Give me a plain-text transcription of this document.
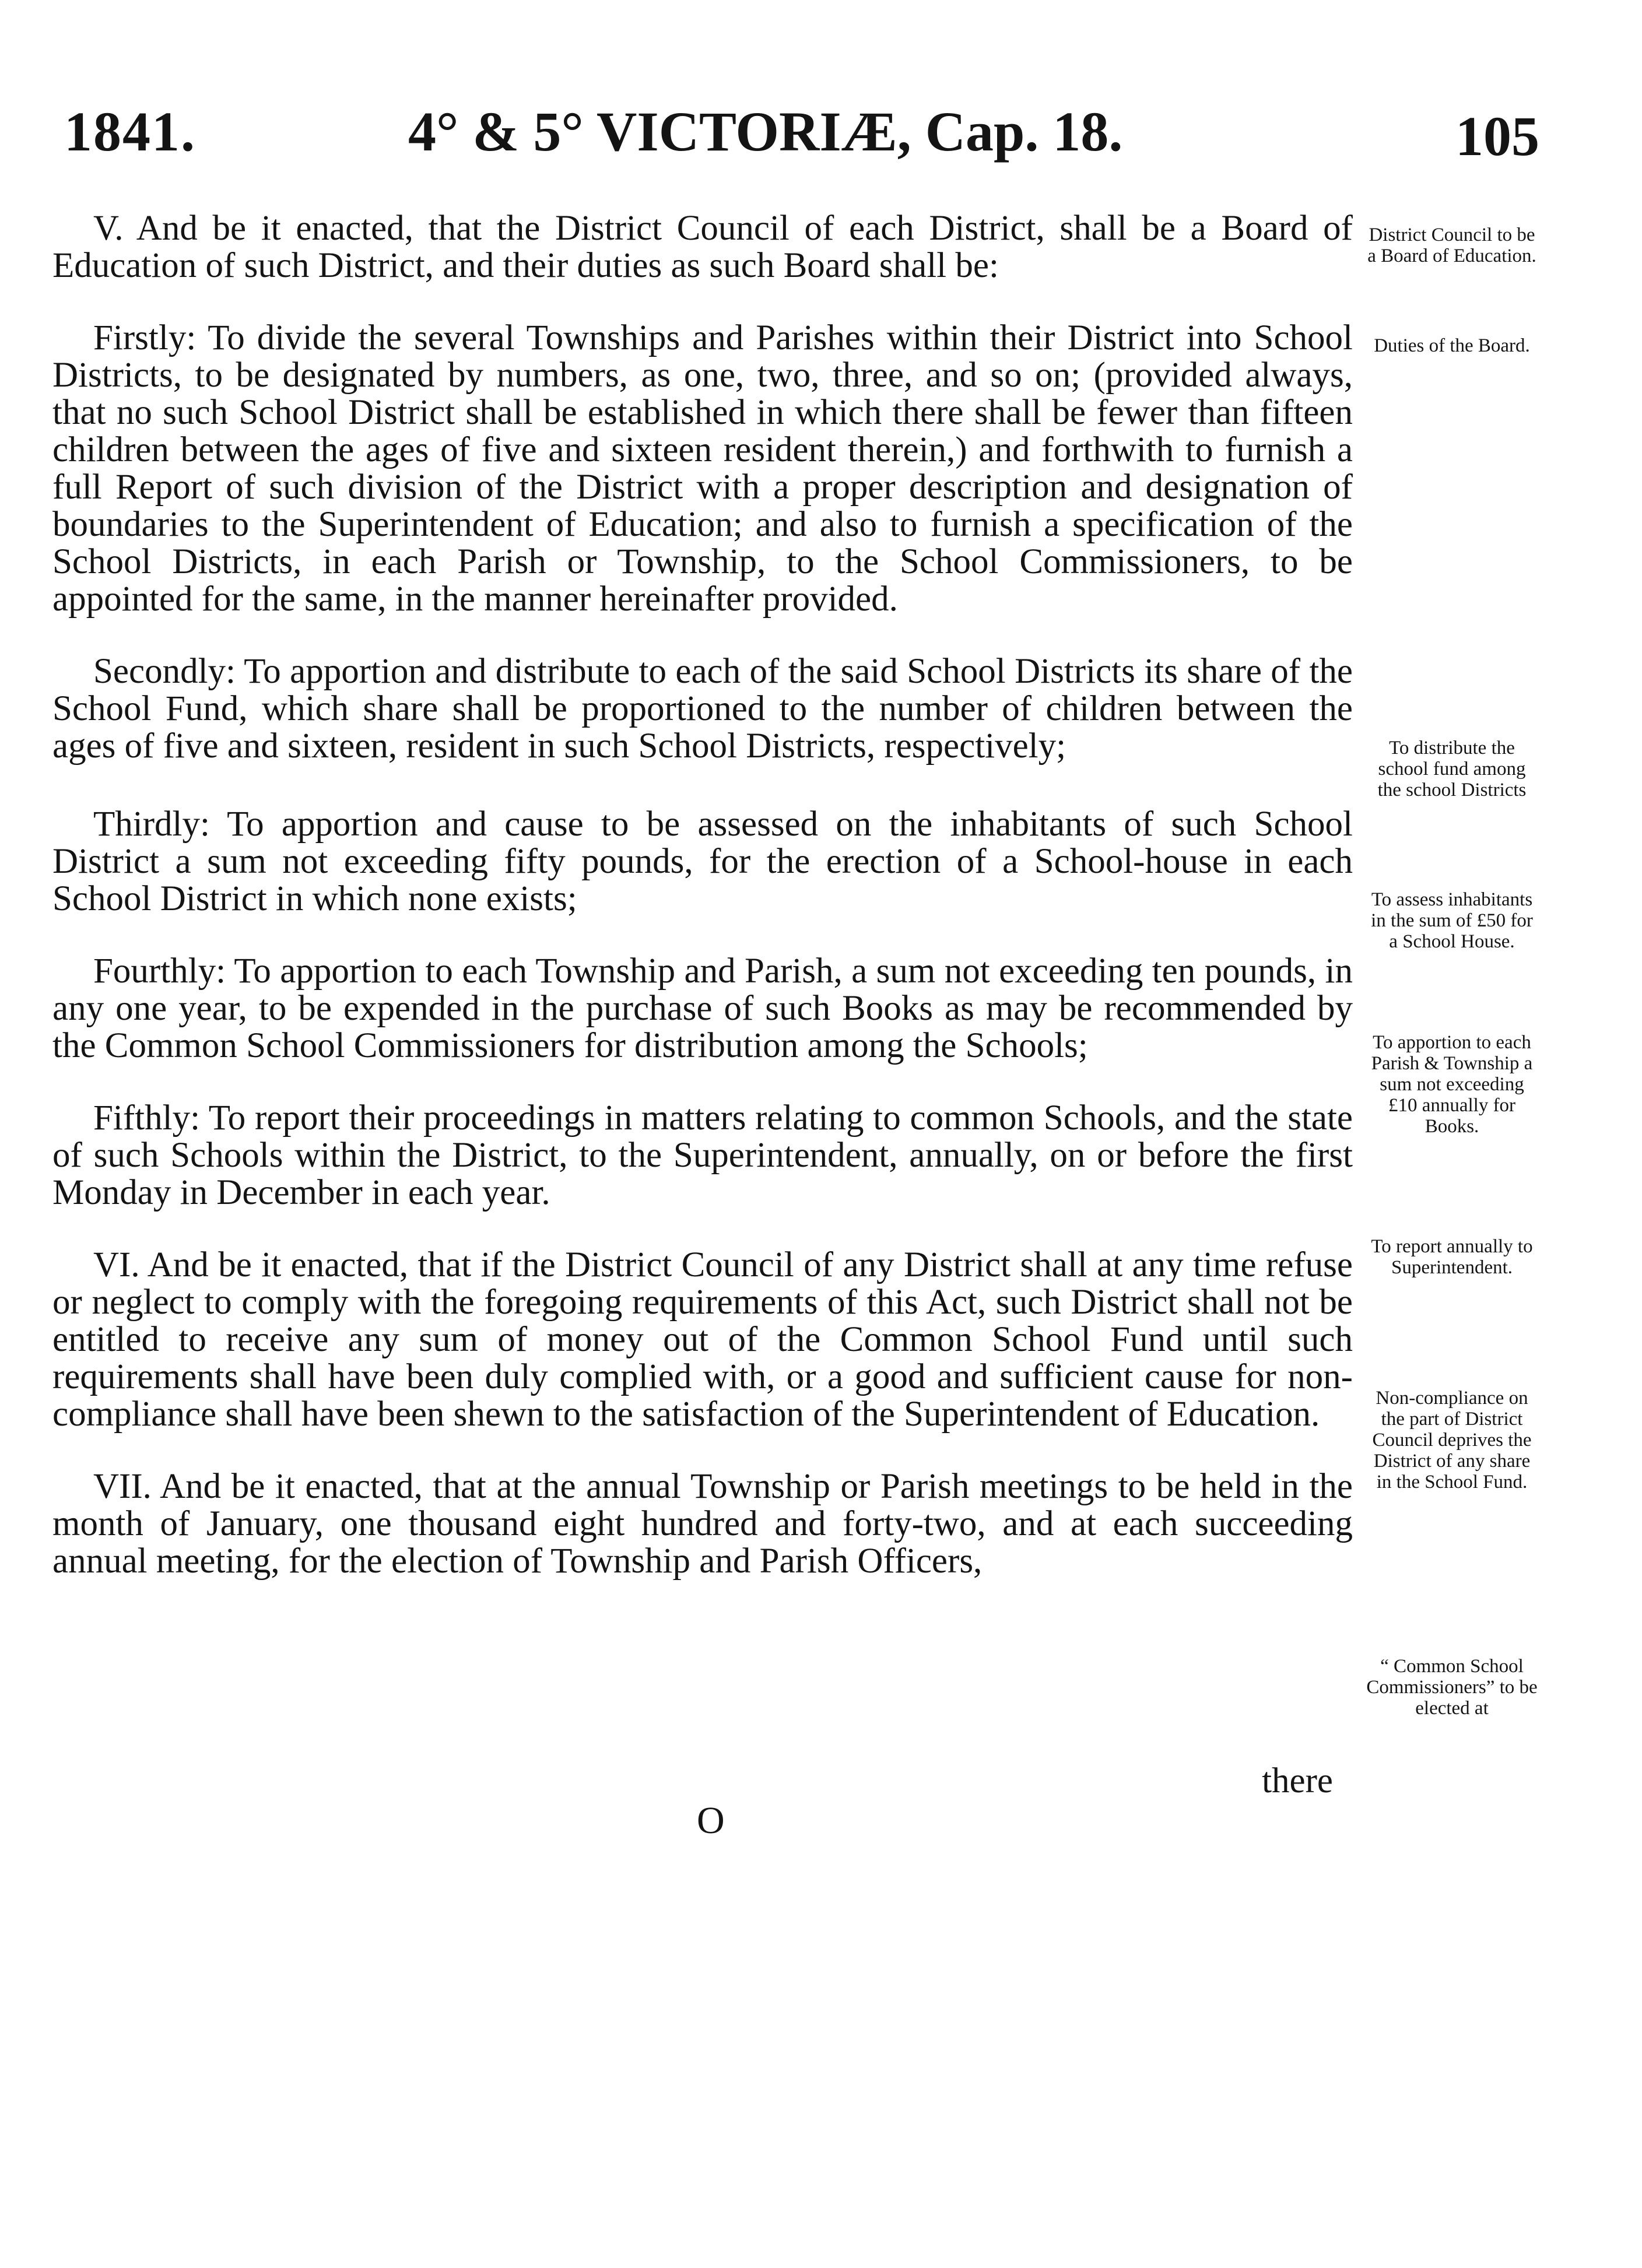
1841.	4° & 5° VICTORIÆ, Cap. 18.	105

V. And be it enacted, that the District Council of each District, shall be a Board of Education of such District, and their duties as such Board shall be:

Firstly: To divide the several Townships and Parishes within their District into School Districts, to be designated by numbers, as one, two, three, and so on; (provided always, that no such School District shall be established in which there shall be fewer than fifteen children between the ages of five and sixteen resident therein,) and forthwith to furnish a full Report of such division of the District with a proper description and designation of boundaries to the Superintendent of Education; and also to furnish a specification of the School Districts, in each Parish or Township, to the School Commissioners, to be appointed for the same, in the manner hereinafter provided.

Secondly: To apportion and distribute to each of the said School Districts its share of the School Fund, which share shall be proportioned to the number of children between the ages of five and sixteen, resident in such School Districts, respectively;

Thirdly: To apportion and cause to be assessed on the inhabitants of such School District a sum not exceeding fifty pounds, for the erection of a School-house in each School District in which none exists;

Fourthly: To apportion to each Township and Parish, a sum not exceeding ten pounds, in any one year, to be expended in the purchase of such Books as may be recommended by the Common School Commissioners for distribution among the Schools;

Fifthly: To report their proceedings in matters relating to common Schools, and the state of such Schools within the District, to the Superintendent, annually, on or before the first Monday in December in each year.

VI. And be it enacted, that if the District Council of any District shall at any time refuse or neglect to comply with the foregoing requirements of this Act, such District shall not be entitled to receive any sum of money out of the Common School Fund until such requirements shall have been duly complied with, or a good and sufficient cause for non-compliance shall have been shewn to the satisfaction of the Superintendent of Education.

VII. And be it enacted, that at the annual Township or Parish meetings to be held in the month of January, one thousand eight hundred and forty-two, and at each succeeding annual meeting, for the election of Township and Parish Officers,

District Council to be a Board of Education.
Duties of the Board.
To distribute the school fund among the school Districts
To assess inhabitants in the sum of £50 for a School House.
To apportion to each Parish & Township a sum not exceeding £10 annually for Books.
To report annually to Superintendent.
Non-compliance on the part of District Council deprives the District of any share in the School Fund.
“ Common School Commissioners” to be elected at
there
O
